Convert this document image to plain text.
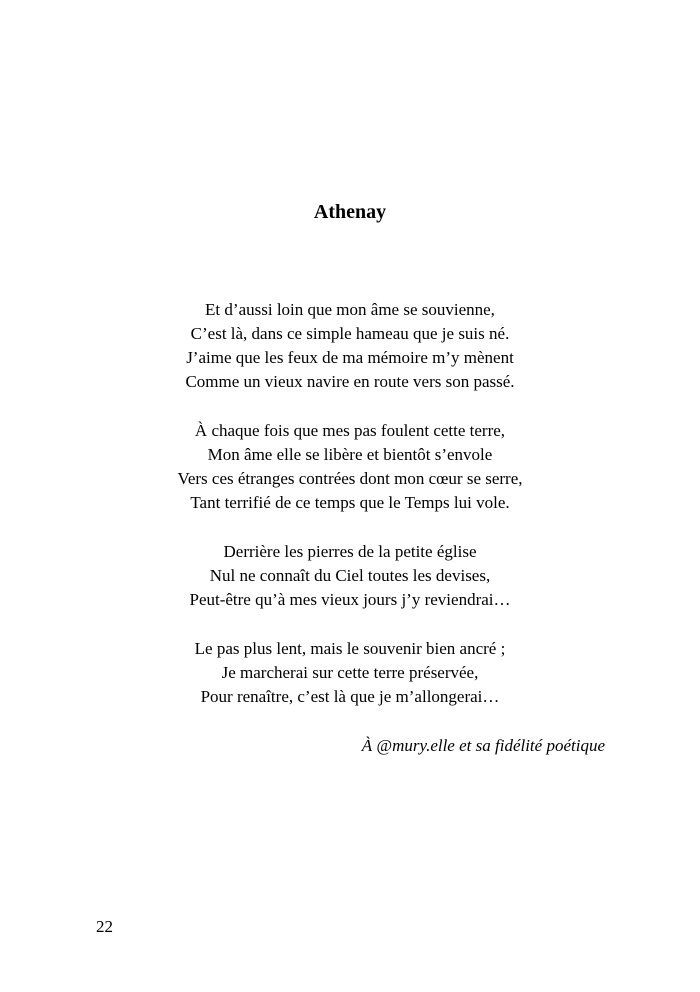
Athenay
Et d’aussi loin que mon âme se souvienne,
C’est là, dans ce simple hameau que je suis né.
J’aime que les feux de ma mémoire m’y mènent
Comme un vieux navire en route vers son passé.
À chaque fois que mes pas foulent cette terre,
Mon âme elle se libère et bientôt s’envole
Vers ces étranges contrées dont mon cœur se serre,
Tant terrifié de ce temps que le Temps lui vole.
Derrière les pierres de la petite église
Nul ne connaît du Ciel toutes les devises,
Peut-être qu’à mes vieux jours j’y reviendrai…
Le pas plus lent, mais le souvenir bien ancré ;
Je marcherai sur cette terre préservée,
Pour renaître, c’est là que je m’allongerai…
À @mury.elle et sa fidélité poétique
22
